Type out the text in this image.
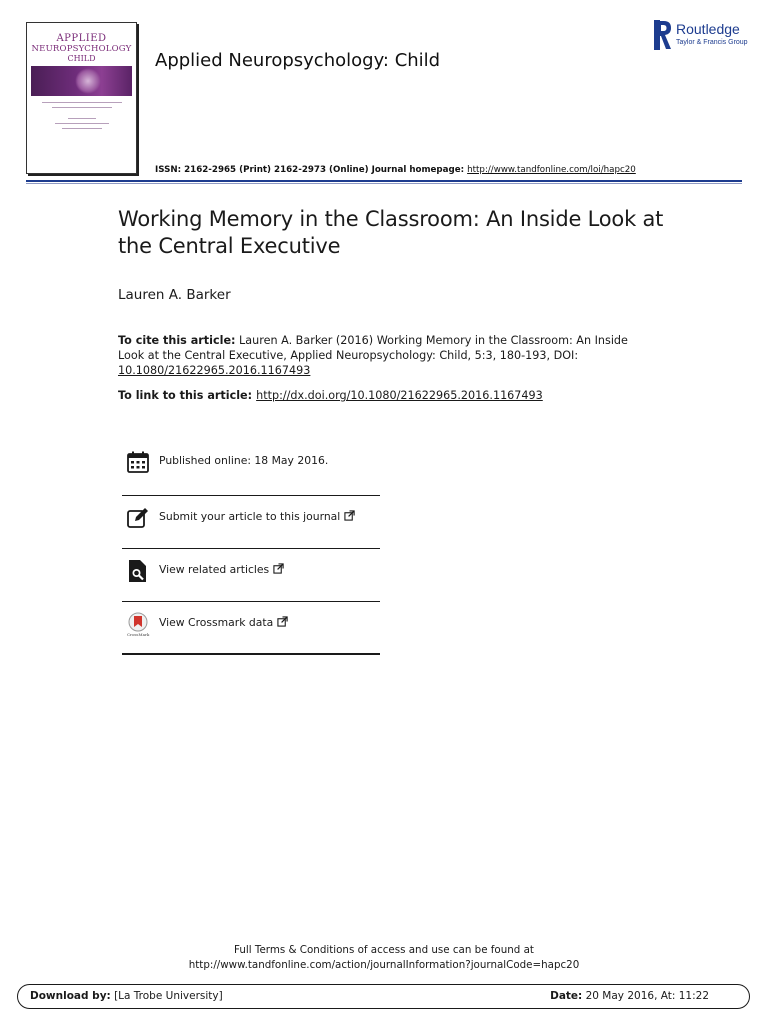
APPLIED
NEUROPSYCHOLOGY
CHILD	Applied Neuropsychology: Child
Routledge
Taylor & Francis Group
ISSN: 2162-2965 (Print) 2162-2973 (Online) Journal homepage: http://www.tandfonline.com/loi/hapc20
Working Memory in the Classroom: An Inside Look at the Central Executive
Lauren A. Barker
To cite this article: Lauren A. Barker (2016) Working Memory in the Classroom: An Inside Look at the Central Executive, Applied Neuropsychology: Child, 5:3, 180-193, DOI: 10.1080/21622965.2016.1167493
To link to this article: http://dx.doi.org/10.1080/21622965.2016.1167493
Published online: 18 May 2016.
Submit your article to this journal
View related articles
CrossMark
View Crossmark data
Full Terms & Conditions of access and use can be found at
http://www.tandfonline.com/action/journalInformation?journalCode=hapc20
Download by: [La Trobe University]	Date: 20 May 2016, At: 11:22
